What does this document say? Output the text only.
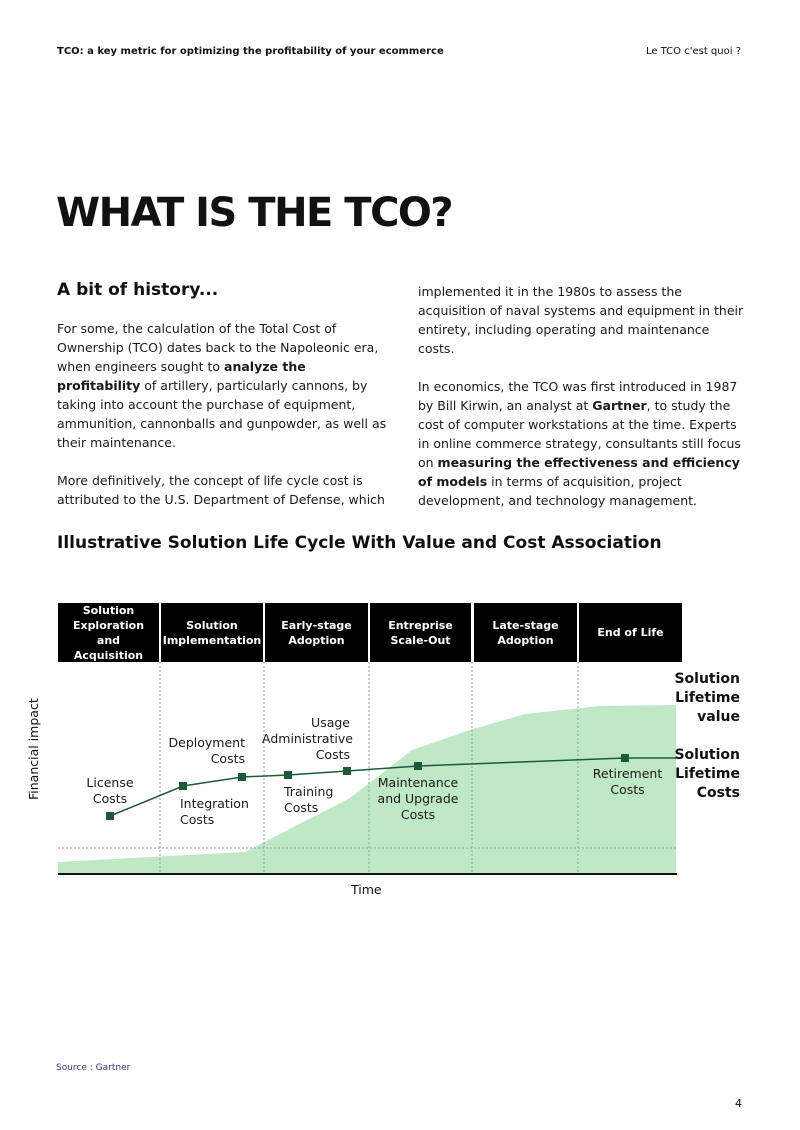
TCO: a key metric for optimizing the profitability of your ecommerce	Le TCO c'est quoi ?
WHAT IS THE TCO?
A bit of history...

For some, the calculation of the Total Cost of Ownership (TCO) dates back to the Napoleonic era, when engineers sought to analyze the profitability of artillery, particularly cannons, by taking into account the purchase of equipment, ammunition, cannonballs and gunpowder, as well as their maintenance.

More definitively, the concept of life cycle cost is attributed to the U.S. Department of Defense, which

implemented it in the 1980s to assess the acquisition of naval systems and equipment in their entirety, including operating and maintenance costs.

In economics, the TCO was first introduced in 1987 by Bill Kirwin, an analyst at Gartner, to study the cost of computer workstations at the time. Experts in online commerce strategy, consultants still focus on measuring the effectiveness and efficiency of models in terms of acquisition, project development, and technology management.

Illustrative Solution Life Cycle With Value and Cost Association
Solution Exploration and Acquisition
Solution Implementation
Early-stage Adoption
Entreprise Scale-Out
Late-stage Adoption
End of Life
License Costs
Deployment Costs
Integration Costs
Usage Administrative Costs
Training Costs
Maintenance and Upgrade Costs
Retirement Costs
Financial impact
Time
Solution Lifetime value
Solution Lifetime Costs
Source : Gartner
4
